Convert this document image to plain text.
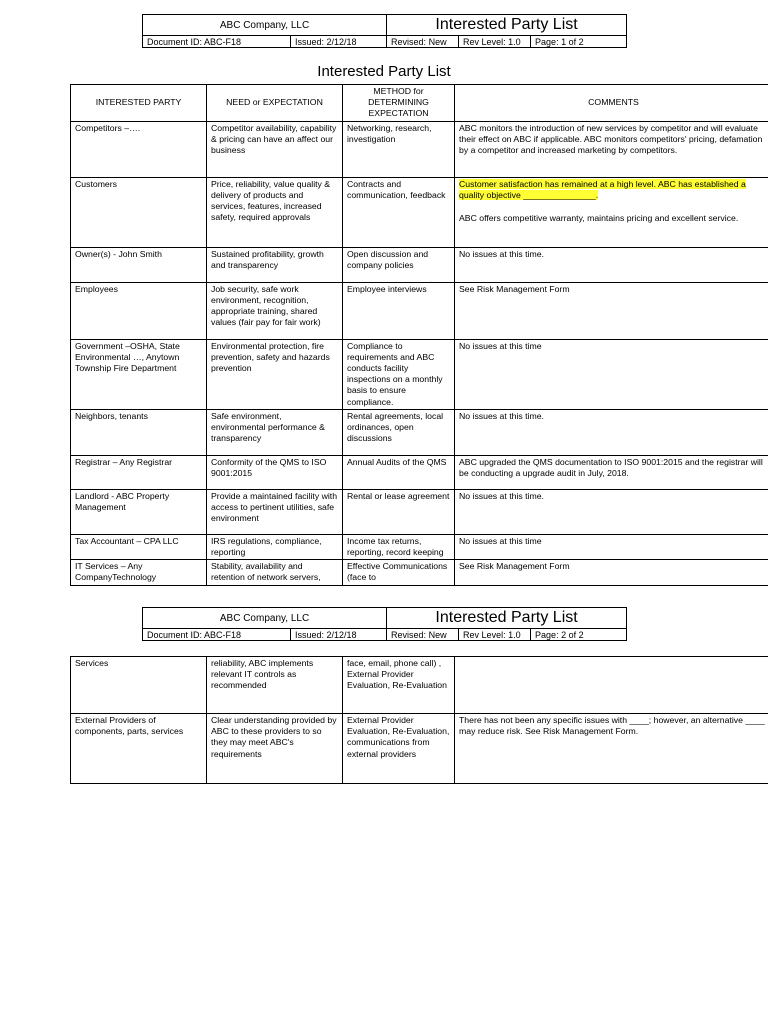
ABC Company, LLC		Interested Party List		
Document ID: ABC-F18	Issued: 2/12/18	Revised: New	Rev Level: 1.0	Page: 1 of 2
Interested Party List
INTERESTED PARTY	NEED or EXPECTATION	METHOD for DETERMINING EXPECTATION	COMMENTS
Competitors –….	Competitor availability, capability & pricing can have an affect our business	Networking, research, investigation	ABC monitors the introduction of new services by competitor and will evaluate their effect on ABC if applicable. ABC monitors competitors' pricing, defamation by a competitor and increased marketing by competitors.

Customers	Price, reliability, value quality & delivery of products and services, features, increased safety, required approvals	Contracts and communication, feedback	Customer satisfaction has remained at a high level. ABC has established a quality objective _______________.

ABC offers competitive warranty, maintains pricing and excellent service.

Owner(s) - John Smith	Sustained profitability, growth and transparency	Open discussion and company policies	No issues at this time.

Employees	Job security, safe work environment, recognition, appropriate training, shared values (fair pay for fair work)	Employee interviews	See Risk Management Form

Government –OSHA, State Environmental …, Anytown Township Fire Department	Environmental protection, fire prevention, safety and hazards prevention	Compliance to requirements and ABC conducts facility inspections on a monthly basis to ensure compliance.	No issues at this time

Neighbors, tenants	Safe environment, environmental performance & transparency	Rental agreements, local ordinances, open discussions	No issues at this time.

Registrar – Any Registrar	Conformity of the QMS to ISO 9001:2015	Annual Audits of the QMS	ABC upgraded the QMS documentation to ISO 9001:2015 and the registrar will be conducting a upgrade audit in July, 2018.

Landlord - ABC Property Management	Provide a maintained facility with access to pertinent utilities, safe environment	Rental or lease agreement	No issues at this time.

Tax Accountant – CPA LLC	IRS regulations, compliance, reporting	Income tax returns, reporting, record keeping	No issues at this time

IT Services – Any CompanyTechnology	Stability, availability and retention of network servers,	Effective Communications (face to	See Risk Management Form

ABC Company, LLC		Interested Party List		
Document ID: ABC-F18	Issued: 2/12/18	Revised: New	Rev Level: 1.0	Page: 2 of 2
Services	reliability, ABC implements relevant IT controls as recommended	face, email, phone call) , External Provider Evaluation, Re-Evaluation	

External Providers of components, parts, services	Clear understanding provided by ABC to these providers to so they may meet ABC's requirements	External Provider Evaluation, Re-Evaluation, communications from external providers	There has not been any specific issues with ____; however, an alternative ____ may reduce risk. See Risk Management Form.
